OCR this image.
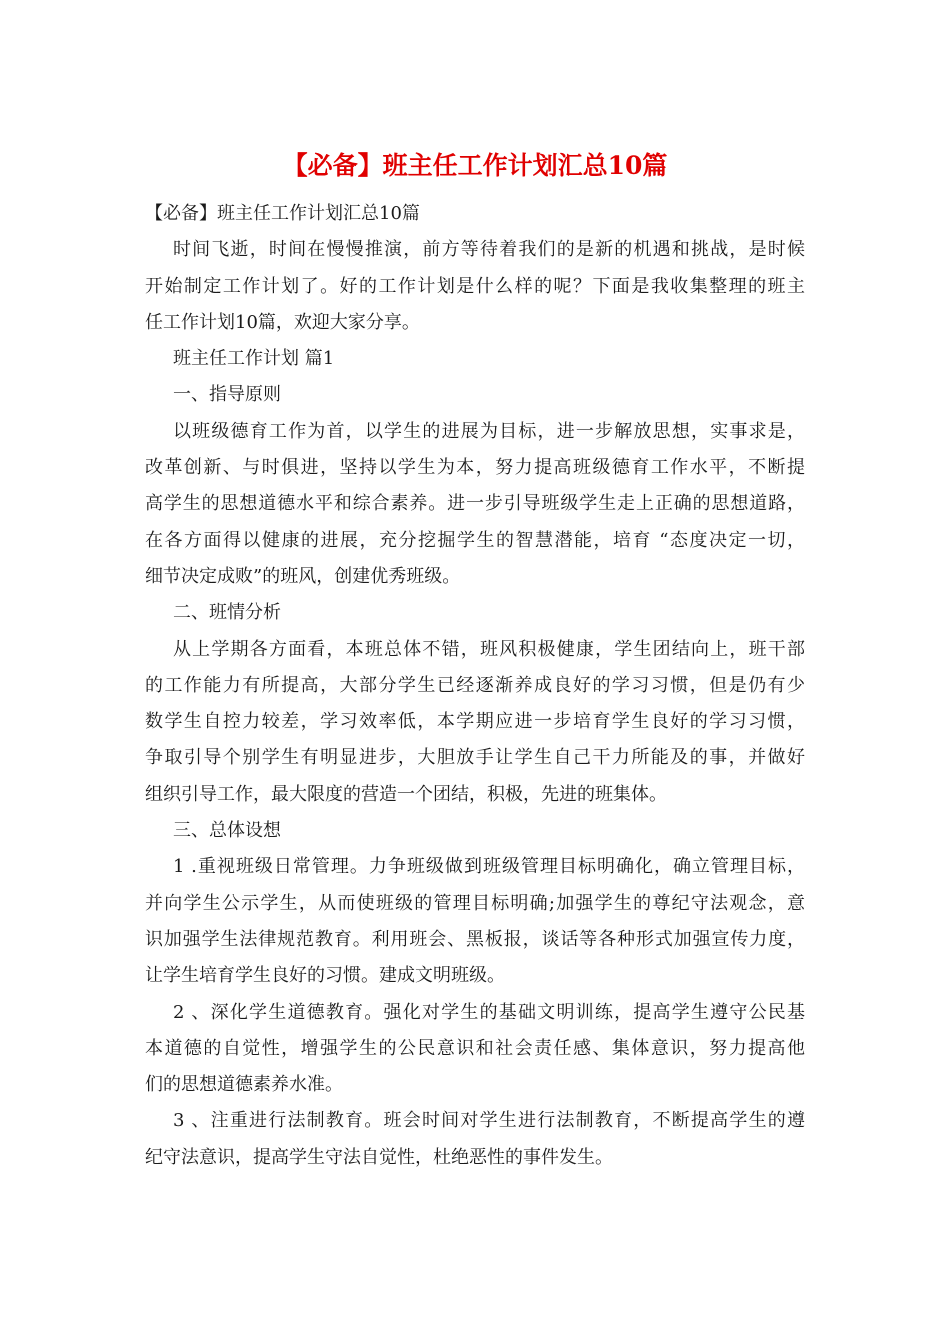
【必备】班主任工作计划汇总10篇

【必备】班主任工作计划汇总10篇

时间飞逝，时间在慢慢推演，前方等待着我们的是新的机遇和挑战，是时候

开始制定工作计划了。好的工作计划是什么样的呢？下面是我收集整理的班主

任工作计划10篇，欢迎大家分享。

班主任工作计划 篇1

一、指导原则

以班级德育工作为首，以学生的进展为目标，进一步解放思想，实事求是，

改革创新、与时俱进，坚持以学生为本，努力提高班级德育工作水平，不断提

高学生的思想道德水平和综合素养。进一步引导班级学生走上正确的思想道路，

在各方面得以健康的进展，充分挖掘学生的智慧潜能，培育 “态度决定一切，

细节决定成败”的班风，创建优秀班级。

二、班情分析

从上学期各方面看，本班总体不错，班风积极健康，学生团结向上，班干部

的工作能力有所提高，大部分学生已经逐渐养成良好的学习习惯，但是仍有少

数学生自控力较差，学习效率低，本学期应进一步培育学生良好的学习习惯，

争取引导个别学生有明显进步，大胆放手让学生自己干力所能及的事，并做好

组织引导工作，最大限度的营造一个团结，积极，先进的班集体。

三、总体设想

1 .重视班级日常管理。力争班级做到班级管理目标明确化，确立管理目标，

并向学生公示学生，从而使班级的管理目标明确;加强学生的尊纪守法观念，意

识加强学生法律规范教育。利用班会、黑板报，谈话等各种形式加强宣传力度，

让学生培育学生良好的习惯。建成文明班级。

2 、深化学生道德教育。强化对学生的基础文明训练，提高学生遵守公民基

本道德的自觉性，增强学生的公民意识和社会责任感、集体意识，努力提高他

们的思想道德素养水准。

3 、注重进行法制教育。班会时间对学生进行法制教育，不断提高学生的遵

纪守法意识，提高学生守法自觉性，杜绝恶性的事件发生。
